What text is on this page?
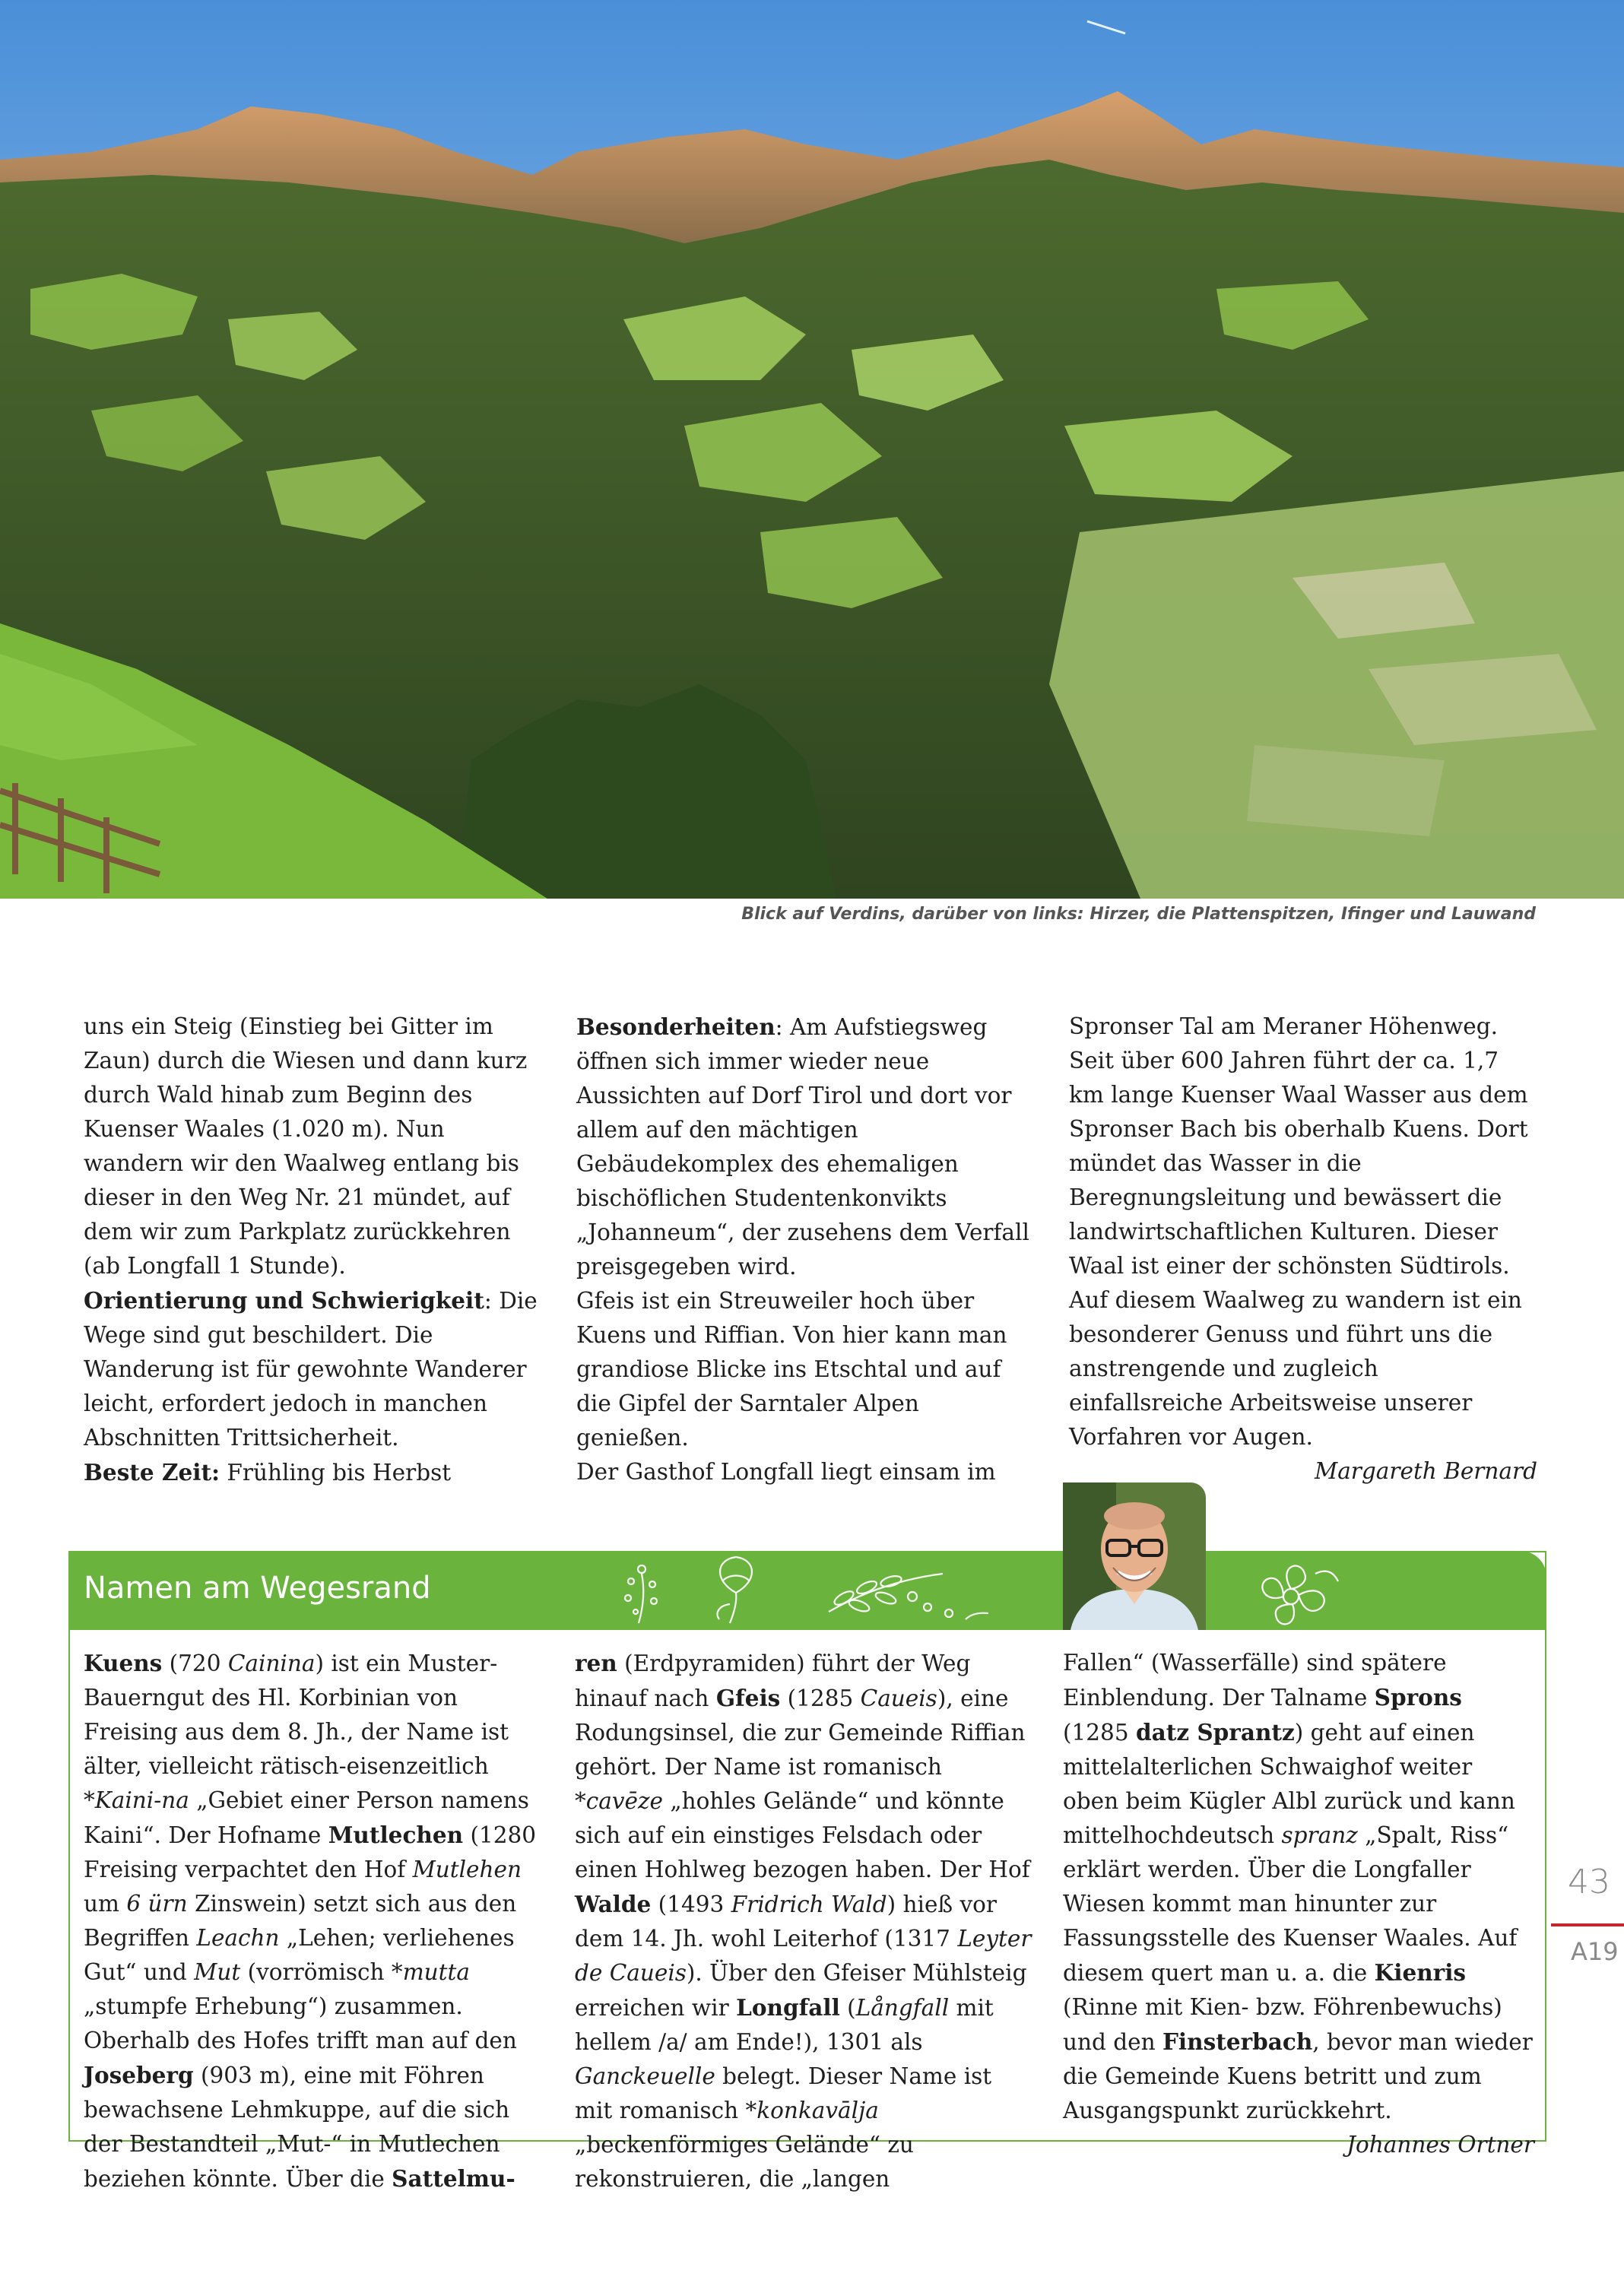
Blick auf Verdins, darüber von links: Hirzer, die Plattenspitzen, Ifinger und Lauwand

uns ein Steig (Einstieg bei Gitter im Zaun) durch die Wiesen und dann kurz durch Wald hinab zum Beginn des Kuenser Waales (1.020 m). Nun wandern wir den Waalweg entlang bis dieser in den Weg Nr. 21 mündet, auf dem wir zum Parkplatz zurückkehren (ab Longfall 1 Stunde).
Orientierung und Schwierigkeit: Die Wege sind gut beschildert. Die Wanderung ist für gewohnte Wanderer leicht, erfordert jedoch in manchen Abschnitten Trittsicherheit.
Beste Zeit: Frühling bis Herbst

Besonderheiten: Am Aufstiegsweg öffnen sich immer wieder neue Aussichten auf Dorf Tirol und dort vor allem auf den mächtigen Gebäudekomplex des ehemaligen bischöflichen Studentenkonvikts „Johanneum“, der zusehens dem Verfall preisgegeben wird.

Gfeis ist ein Streuweiler hoch über Kuens und Riffian. Von hier kann man grandiose Blicke ins Etschtal und auf die Gipfel der Sarntaler Alpen genießen.

Der Gasthof Longfall liegt einsam im

Spronser Tal am Meraner Höhenweg.

Seit über 600 Jahren führt der ca. 1,7 km lange Kuenser Waal Wasser aus dem Spronser Bach bis oberhalb Kuens. Dort mündet das Wasser in die Beregnungsleitung und bewässert die landwirtschaftlichen Kulturen. Dieser Waal ist einer der schönsten Südtirols. Auf diesem Waalweg zu wandern ist ein besonderer Genuss und führt uns die anstrengende und zugleich einfallsreiche Arbeitsweise unserer Vorfahren vor Augen.

Margareth Bernard

Namen am Wegesrand

Kuens (720 Cainina) ist ein Muster-Bauerngut des Hl. Korbinian von Freising aus dem 8. Jh., der Name ist älter, vielleicht rätisch-eisenzeitlich *Kaini-na „Gebiet einer Person namens Kaini“. Der Hofname Mutlechen (1280 Freising verpachtet den Hof Mutlehen um 6 ürn Zinswein) setzt sich aus den Begriffen Leachn „Lehen; verliehenes Gut“ und Mut (vorrömisch *mutta „stumpfe Erhebung“) zusammen. Oberhalb des Hofes trifft man auf den Joseberg (903 m), eine mit Föhren bewachsene Lehmkuppe, auf die sich der Bestandteil „Mut-“ in Mutlechen beziehen könnte. Über die Sattelmu-

ren (Erdpyramiden) führt der Weg hinauf nach Gfeis (1285 Caueis), eine Rodungsinsel, die zur Gemeinde Riffian gehört. Der Name ist romanisch *cavēze „hohles Gelände“ und könnte sich auf ein einstiges Felsdach oder einen Hohlweg bezogen haben. Der Hof Walde (1493 Fridrich Wald) hieß vor dem 14. Jh. wohl Leiterhof (1317 Leyter de Caueis). Über den Gfeiser Mühlsteig erreichen wir Longfall (Långfall mit hellem /a/ am Ende!), 1301 als Ganckeuelle belegt. Dieser Name ist mit romanisch *konkavālja „beckenförmiges Gelände“ zu rekonstruieren, die „langen

Fallen“ (Wasserfälle) sind spätere Einblendung. Der Talname Sprons (1285 datz Sprantz) geht auf einen mittelalterlichen Schwaighof weiter oben beim Kügler Albl zurück und kann mittelhochdeutsch spranz „Spalt, Riss“ erklärt werden. Über die Longfaller Wiesen kommt man hinunter zur Fassungsstelle des Kuenser Waales. Auf diesem quert man u. a. die Kienris (Rinne mit Kien- bzw. Föhrenbewuchs) und den Finsterbach, bevor man wieder die Gemeinde Kuens betritt und zum Ausgangspunkt zurückkehrt.

Johannes Ortner

43
A19
